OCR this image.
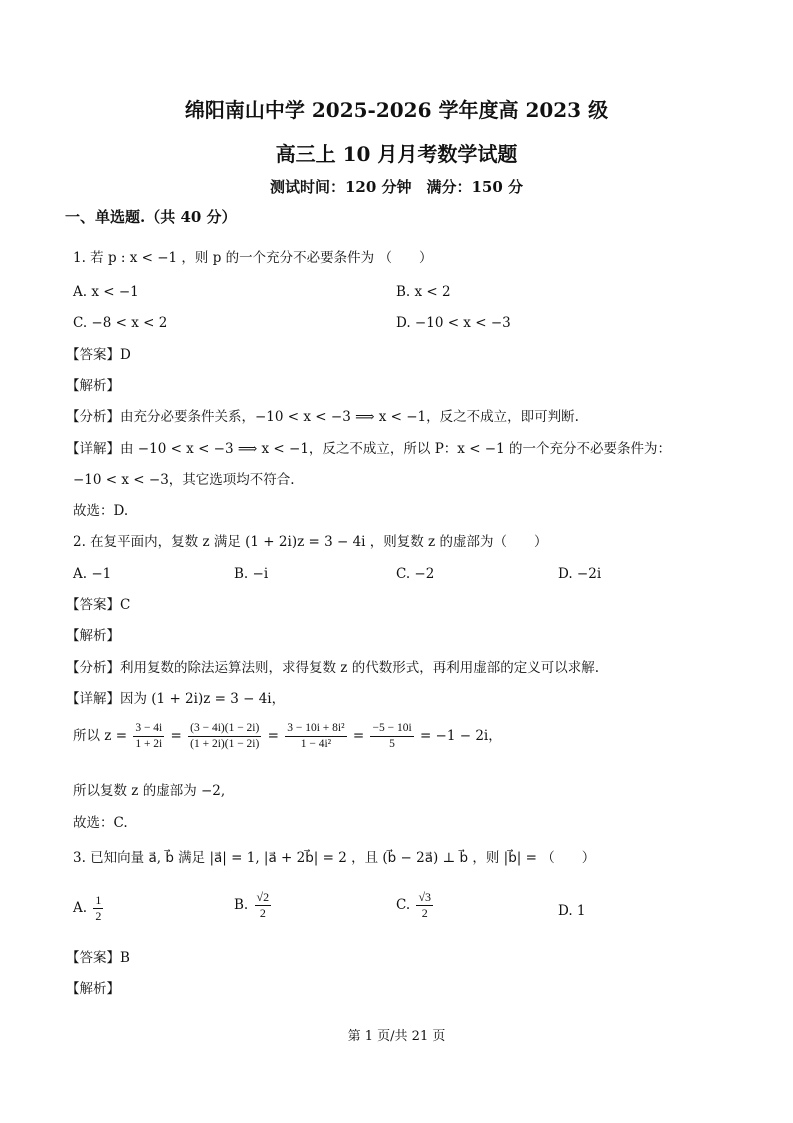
绵阳南山中学 2025-2026 学年度高 2023 级
高三上 10 月月考数学试题
测试时间：120 分钟　满分：150 分
一、单选题.（共 40 分）
1. 若 p : x < −1 ，则 p 的一个充分不必要条件为 （　　）
A. x < −1	B. x < 2
C. −8 < x < 2	D. −10 < x < −3
【答案】D
【解析】
【分析】由充分必要条件关系，−10 < x < −3 ⟹ x < −1，反之不成立，即可判断.
【详解】由 −10 < x < −3 ⟹ x < −1，反之不成立，所以 P：x < −1 的一个充分不必要条件为：
−10 < x < −3，其它选项均不符合.
故选：D.
2. 在复平面内，复数 z 满足 (1 + 2i)z = 3 − 4i ，则复数 z 的虚部为（　　）
A. −1	B. −i	C. −2	D. −2i
【答案】C
【解析】
【分析】利用复数的除法运算法则，求得复数 z 的代数形式，再利用虚部的定义可以求解.
【详解】因为 (1 + 2i)z = 3 − 4i，
所以 $z = \frac{3 - 4i}{1 + 2i} = \frac{(3 - 4i)(1 - 2i)}{(1 + 2i)(1 - 2i)} = \frac{\text{3 − 10i + 8i²}}{\text{1 − 4i²}} = \frac{-5 - 10i}{5} = -1 - 2i$，
所以复数 z 的虚部为 −2,
故选：C.
3. 已知向量 a⃗, b⃗ 满足 |a⃗| = 1, |a⃗ + 2b⃗| = 2 ，且 (b⃗ − 2a⃗) ⊥ b⃗ ，则 |b⃗| = （　　）
A. $\frac{1}{2}$	B. $\frac{√2}{2}$	C. $\frac{√3}{2}$	D. 1
【答案】B
【解析】
第 1 页/共 21 页
